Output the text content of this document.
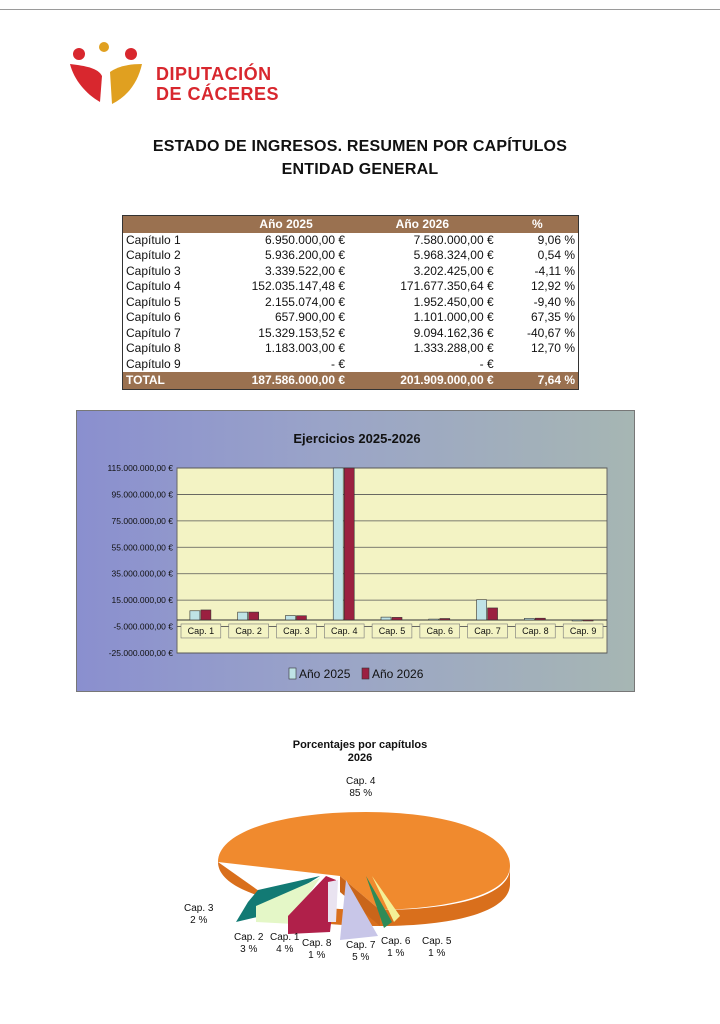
DIPUTACIÓN
DE CÁCERES
ESTADO DE INGRESOS. RESUMEN POR CAPÍTULOS
ENTIDAD GENERAL
	Año 2025	Año 2026	%
Capítulo 1	6.950.000,00 €	7.580.000,00 €	9,06 %
Capítulo 2	5.936.200,00 €	5.968.324,00 €	0,54 %
Capítulo 3	3.339.522,00 €	3.202.425,00 €	-4,11 %
Capítulo 4	152.035.147,48 €	171.677.350,64 €	12,92 %
Capítulo 5	2.155.074,00 €	1.952.450,00 €	-9,40 %
Capítulo 6	657.900,00 €	1.101.000,00 €	67,35 %
Capítulo 7	15.329.153,52 €	9.094.162,36 €	-40,67 %
Capítulo 8	1.183.003,00 €	1.333.288,00 €	12,70 %
Capítulo 9	- €	- €	
TOTAL	187.586.000,00 €	201.909.000,00 €	7,64 %
Ejercicios 2025-2026
-25.000.000,00 €
-5.000.000,00 €
15.000.000,00 €
35.000.000,00 €
55.000.000,00 €
75.000.000,00 €
95.000.000,00 €
115.000.000,00 €
Cap. 1 Cap. 2 Cap. 3 Cap. 4 Cap. 5 Cap. 6 Cap. 7 Cap. 8 Cap. 9
Año 2025 Año 2026
Porcentajes por capítulos
2026
Cap. 4
85 %
Cap. 5
1 %
Cap. 6
1 %
Cap. 7
5 %
Cap. 8
1 %
Cap. 1
4 %
Cap. 2
3 %
Cap. 3
2 %
